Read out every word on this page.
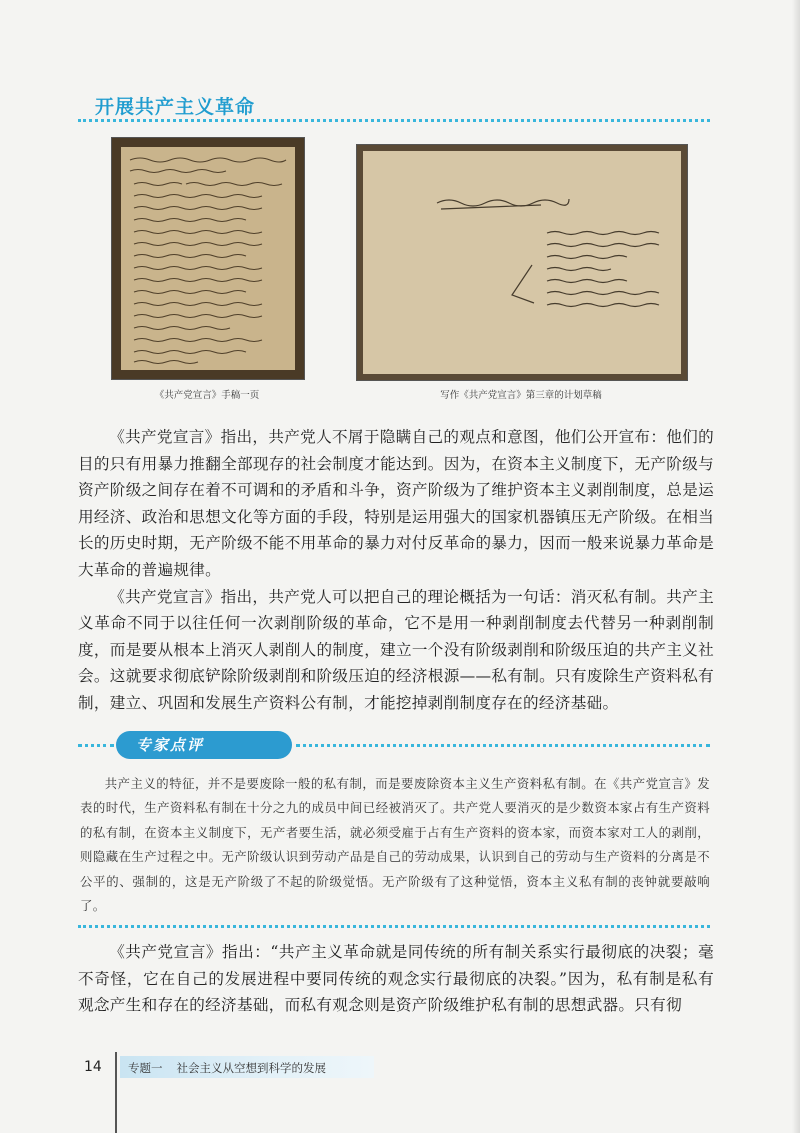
开展共产主义革命
《共产党宣言》手稿一页	写作《共产党宣言》第三章的计划草稿

《共产党宣言》指出，共产党人不屑于隐瞒自己的观点和意图，他们公开宣布：他们的目的只有用暴力推翻全部现存的社会制度才能达到。因为，在资本主义制度下，无产阶级与资产阶级之间存在着不可调和的矛盾和斗争，资产阶级为了维护资本主义剥削制度，总是运用经济、政治和思想文化等方面的手段，特别是运用强大的国家机器镇压无产阶级。在相当长的历史时期，无产阶级不能不用革命的暴力对付反革命的暴力，因而一般来说暴力革命是大革命的普遍规律。

《共产党宣言》指出，共产党人可以把自己的理论概括为一句话：消灭私有制。共产主义革命不同于以往任何一次剥削阶级的革命，它不是用一种剥削制度去代替另一种剥削制度，而是要从根本上消灭人剥削人的制度，建立一个没有阶级剥削和阶级压迫的共产主义社会。这就要求彻底铲除阶级剥削和阶级压迫的经济根源——私有制。只有废除生产资料私有制，建立、巩固和发展生产资料公有制，才能挖掉剥削制度存在的经济基础。

专家点评

共产主义的特征，并不是要废除一般的私有制，而是要废除资本主义生产资料私有制。在《共产党宣言》发表的时代，生产资料私有制在十分之九的成员中间已经被消灭了。共产党人要消灭的是少数资本家占有生产资料的私有制，在资本主义制度下，无产者要生活，就必须受雇于占有生产资料的资本家，而资本家对工人的剥削，则隐藏在生产过程之中。无产阶级认识到劳动产品是自己的劳动成果，认识到自己的劳动与生产资料的分离是不公平的、强制的，这是无产阶级了不起的阶级觉悟。无产阶级有了这种觉悟，资本主义私有制的丧钟就要敲响了。

《共产党宣言》指出：“共产主义革命就是同传统的所有制关系实行最彻底的决裂；毫不奇怪，它在自己的发展进程中要同传统的观念实行最彻底的决裂。”因为，私有制是私有观念产生和存在的经济基础，而私有观念则是资产阶级维护私有制的思想武器。只有彻

14 专题一 社会主义从空想到科学的发展
